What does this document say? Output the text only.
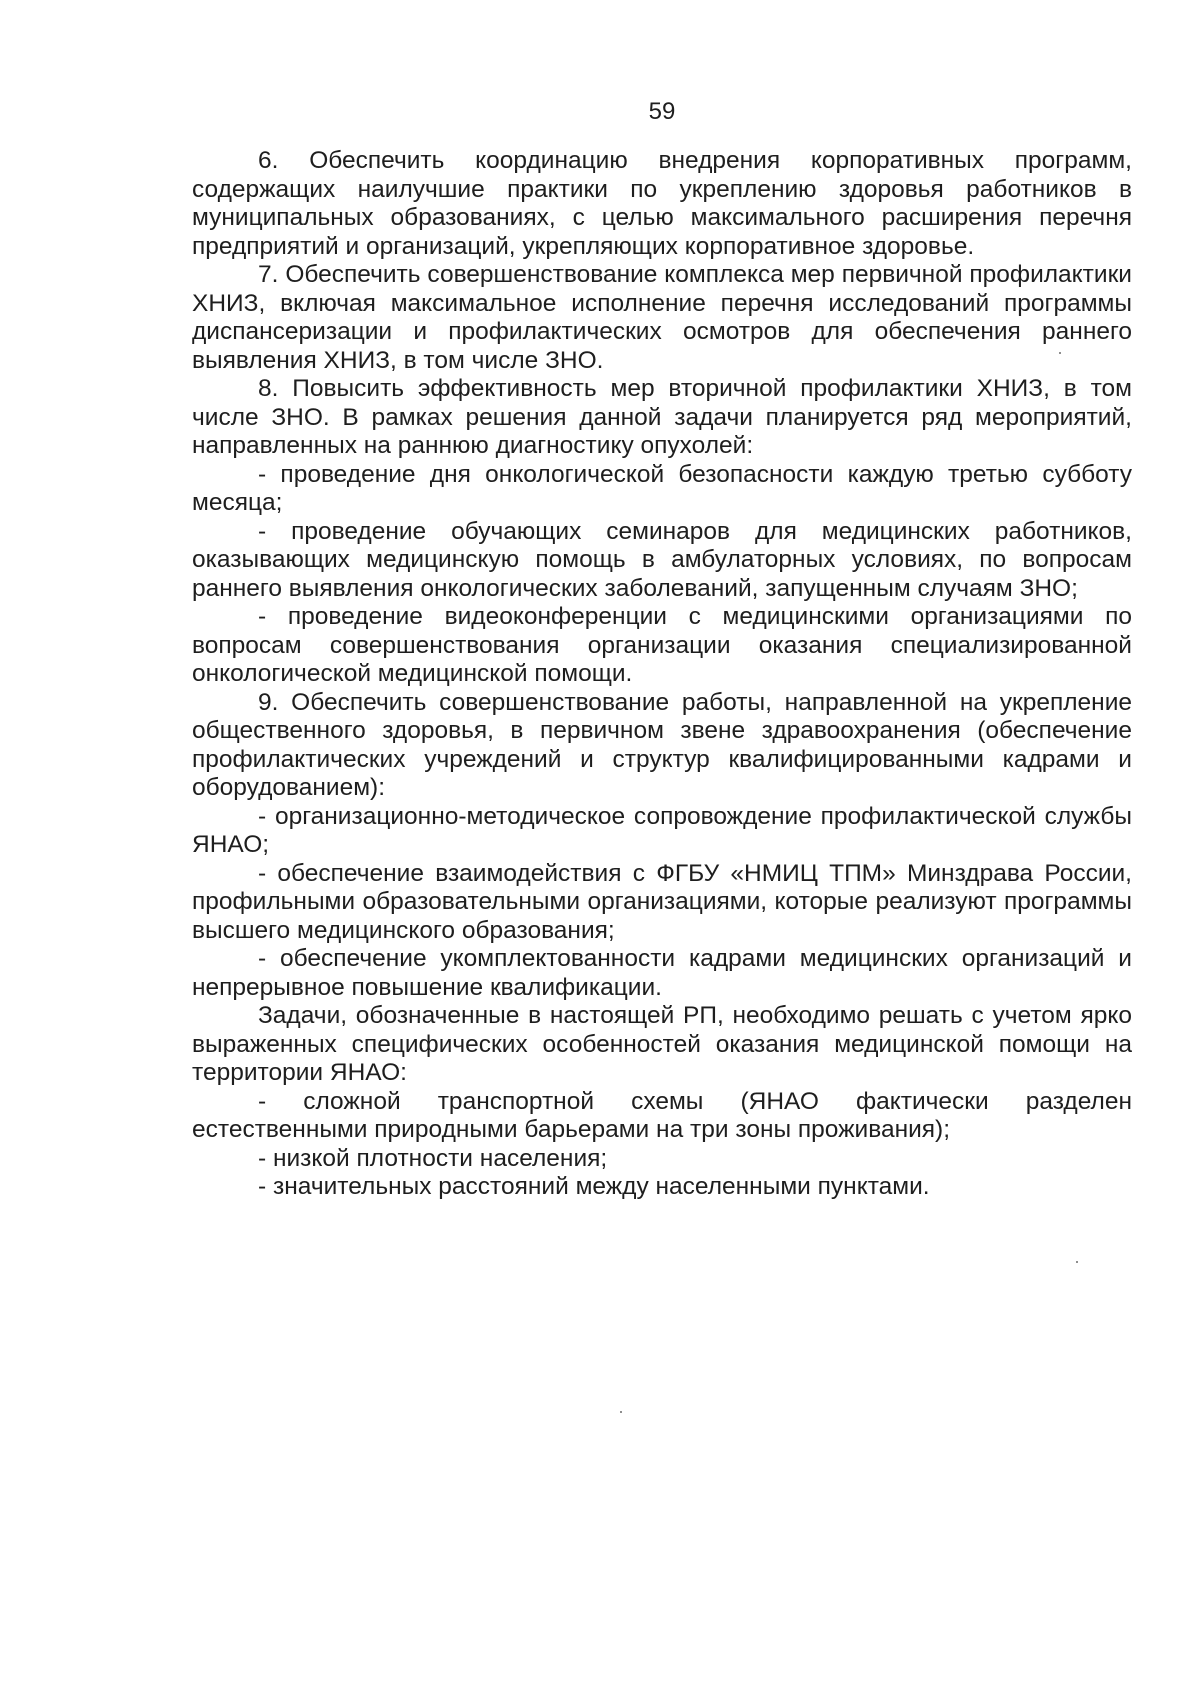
59

6. Обеспечить координацию внедрения корпоративных программ, содержащих наилучшие практики по укреплению здоровья работников в муниципальных образованиях, с целью максимального расширения перечня предприятий и организаций, укрепляющих корпоративное здоровье.

7. Обеспечить совершенствование комплекса мер первичной профилактики ХНИЗ, включая максимальное исполнение перечня исследований программы диспансеризации и профилактических осмотров для обеспечения раннего выявления ХНИЗ, в том числе ЗНО.

8. Повысить эффективность мер вторичной профилактики ХНИЗ, в том числе ЗНО. В рамках решения данной задачи планируется ряд мероприятий, направленных на раннюю диагностику опухолей:

- проведение дня онкологической безопасности каждую третью субботу месяца;

- проведение обучающих семинаров для медицинских работников, оказывающих медицинскую помощь в амбулаторных условиях, по вопросам раннего выявления онкологических заболеваний, запущенным случаям ЗНО;

- проведение видеоконференции с медицинскими организациями по вопросам совершенствования организации оказания специализированной онкологической медицинской помощи.

9. Обеспечить совершенствование работы, направленной на укрепление общественного здоровья, в первичном звене здравоохранения (обеспечение профилактических учреждений и структур квалифицированными кадрами и оборудованием):

- организационно-методическое сопровождение профилактической службы ЯНАО;

- обеспечение взаимодействия с ФГБУ «НМИЦ ТПМ» Минздрава России, профильными образовательными организациями, которые реализуют программы высшего медицинского образования;

- обеспечение укомплектованности кадрами медицинских организаций и непрерывное повышение квалификации.

Задачи, обозначенные в настоящей РП, необходимо решать с учетом ярко выраженных специфических особенностей оказания медицинской помощи на территории ЯНАО:

- сложной транспортной схемы (ЯНАО фактически разделен естественными природными барьерами на три зоны проживания);

- низкой плотности населения;

- значительных расстояний между населенными пунктами.
